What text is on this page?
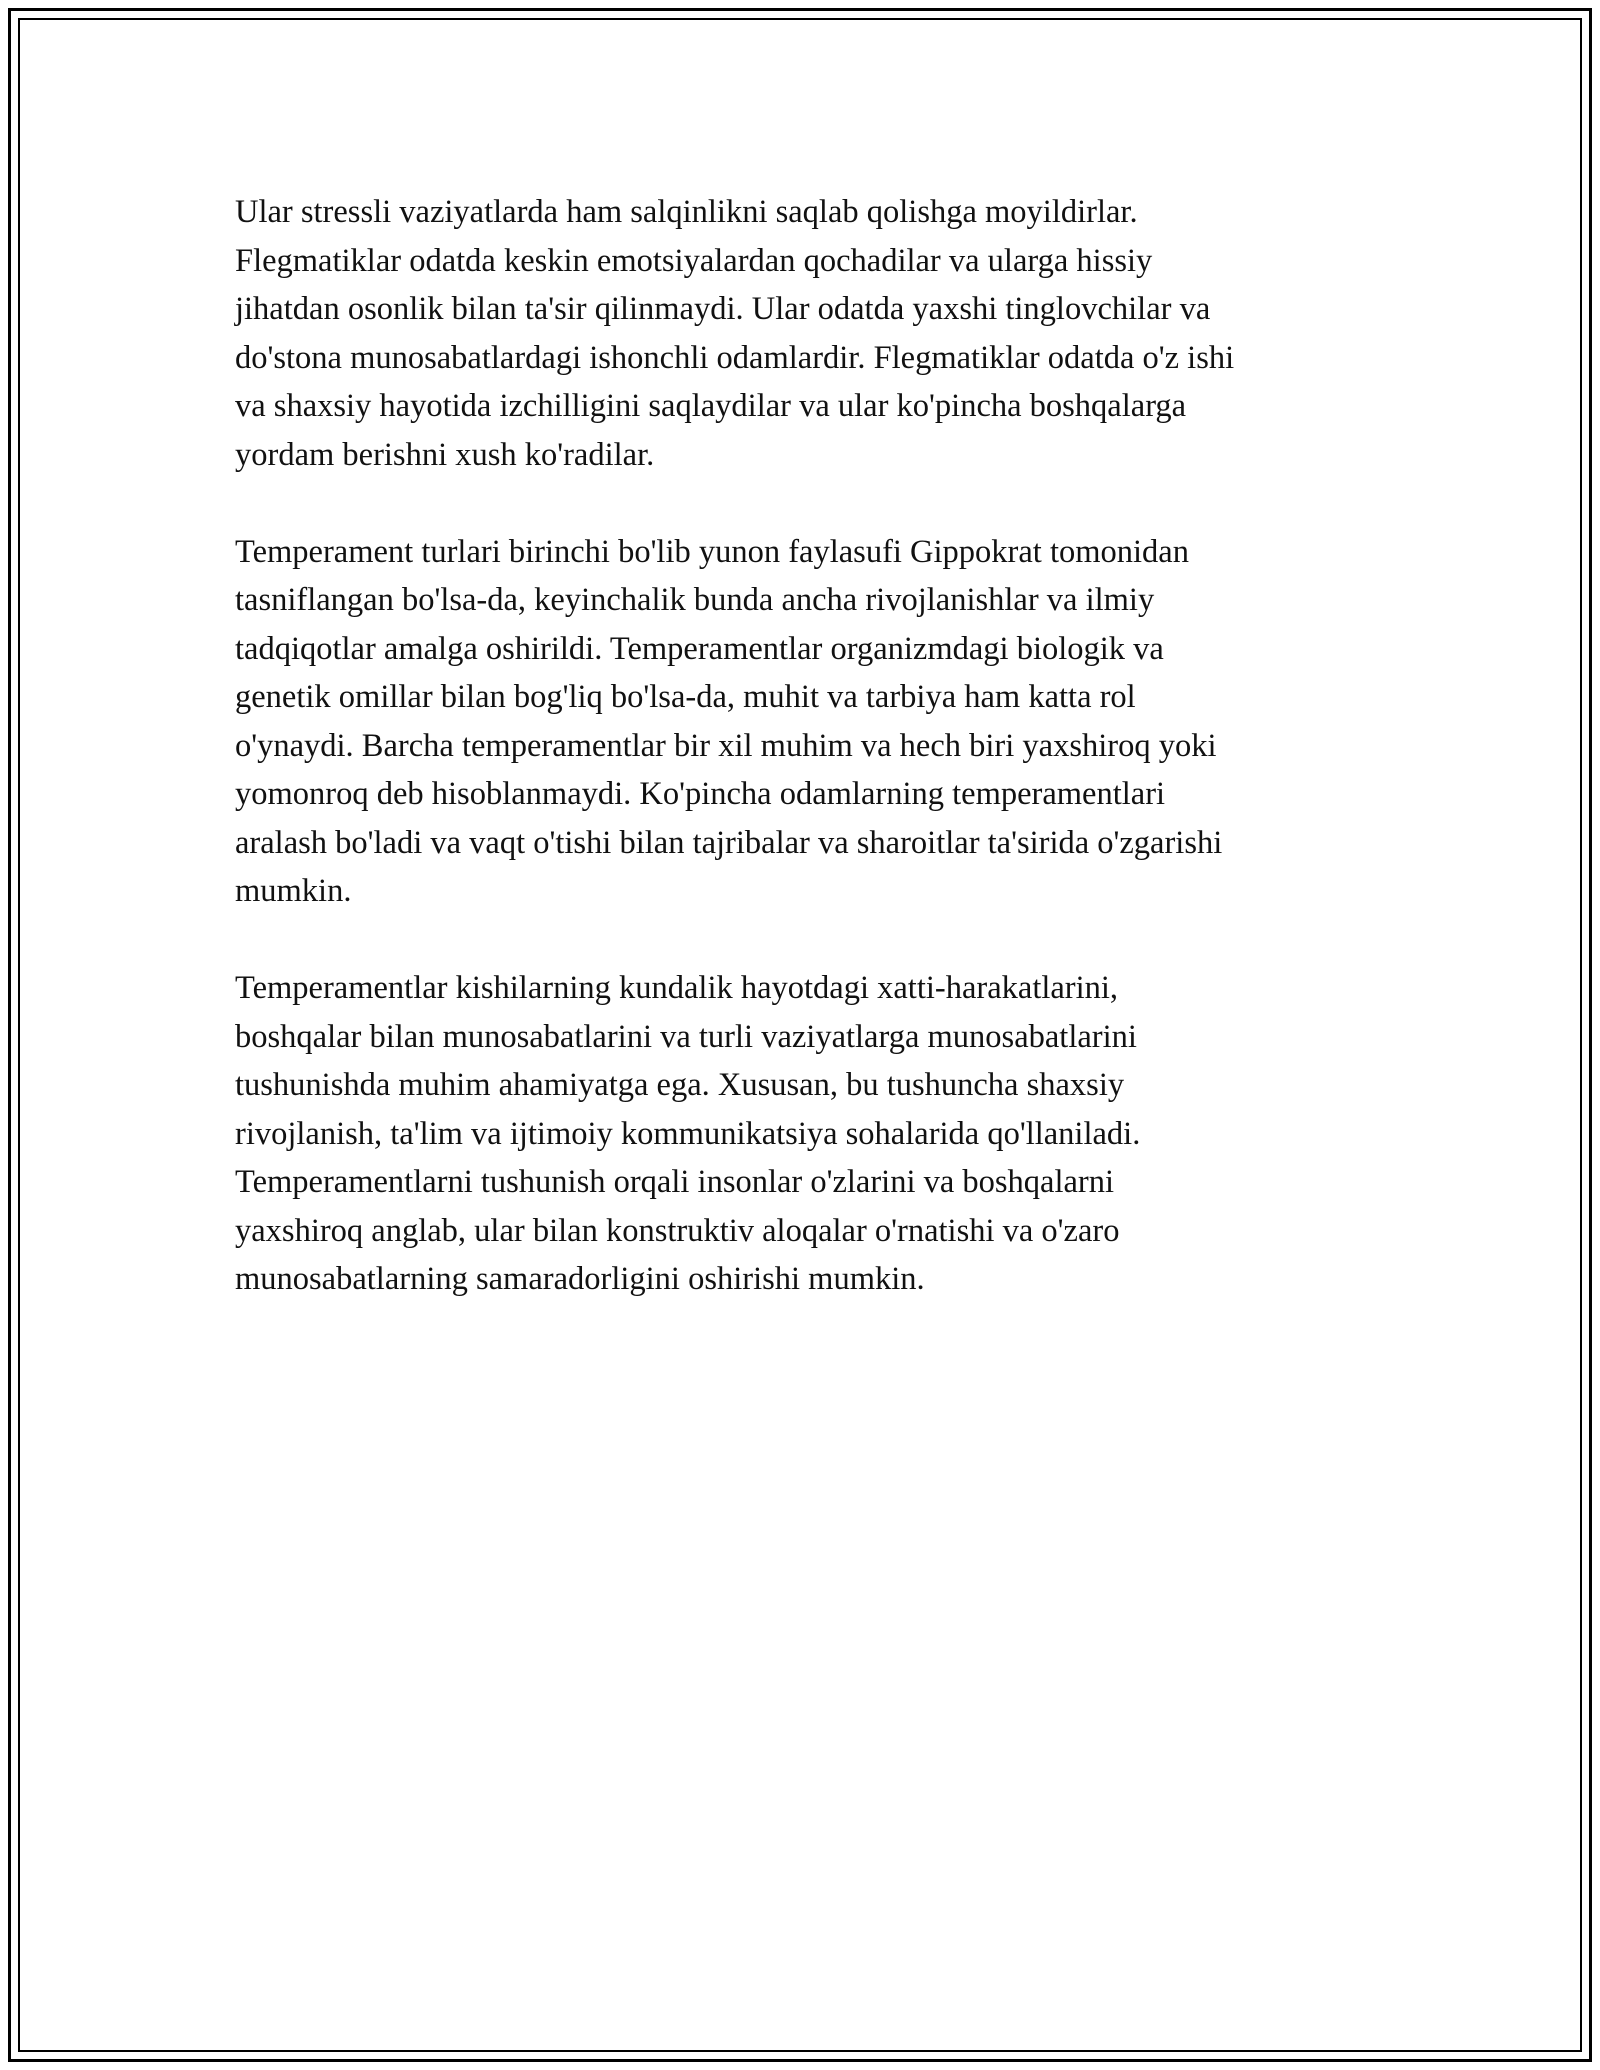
Ular stressli vaziyatlarda ham salqinlikni saqlab qolishga moyildirlar.
Flegmatiklar odatda keskin emotsiyalardan qochadilar va ularga hissiy
jihatdan osonlik bilan ta'sir qilinmaydi. Ular odatda yaxshi tinglovchilar va
do'stona munosabatlardagi ishonchli odamlardir. Flegmatiklar odatda o'z ishi
va shaxsiy hayotida izchilligini saqlaydilar va ular ko'pincha boshqalarga
yordam berishni xush ko'radilar.

Temperament turlari birinchi bo'lib yunon faylasufi Gippokrat tomonidan
tasniflangan bo'lsa-da, keyinchalik bunda ancha rivojlanishlar va ilmiy
tadqiqotlar amalga oshirildi. Temperamentlar organizmdagi biologik va
genetik omillar bilan bog'liq bo'lsa-da, muhit va tarbiya ham katta rol
o'ynaydi. Barcha temperamentlar bir xil muhim va hech biri yaxshiroq yoki
yomonroq deb hisoblanmaydi. Ko'pincha odamlarning temperamentlari
aralash bo'ladi va vaqt o'tishi bilan tajribalar va sharoitlar ta'sirida o'zgarishi
mumkin.

Temperamentlar kishilarning kundalik hayotdagi xatti-harakatlarini,
boshqalar bilan munosabatlarini va turli vaziyatlarga munosabatlarini
tushunishda muhim ahamiyatga ega. Xususan, bu tushuncha shaxsiy
rivojlanish, ta'lim va ijtimoiy kommunikatsiya sohalarida qo'llaniladi.
Temperamentlarni tushunish orqali insonlar o'zlarini va boshqalarni
yaxshiroq anglab, ular bilan konstruktiv aloqalar o'rnatishi va o'zaro
munosabatlarning samaradorligini oshirishi mumkin.
